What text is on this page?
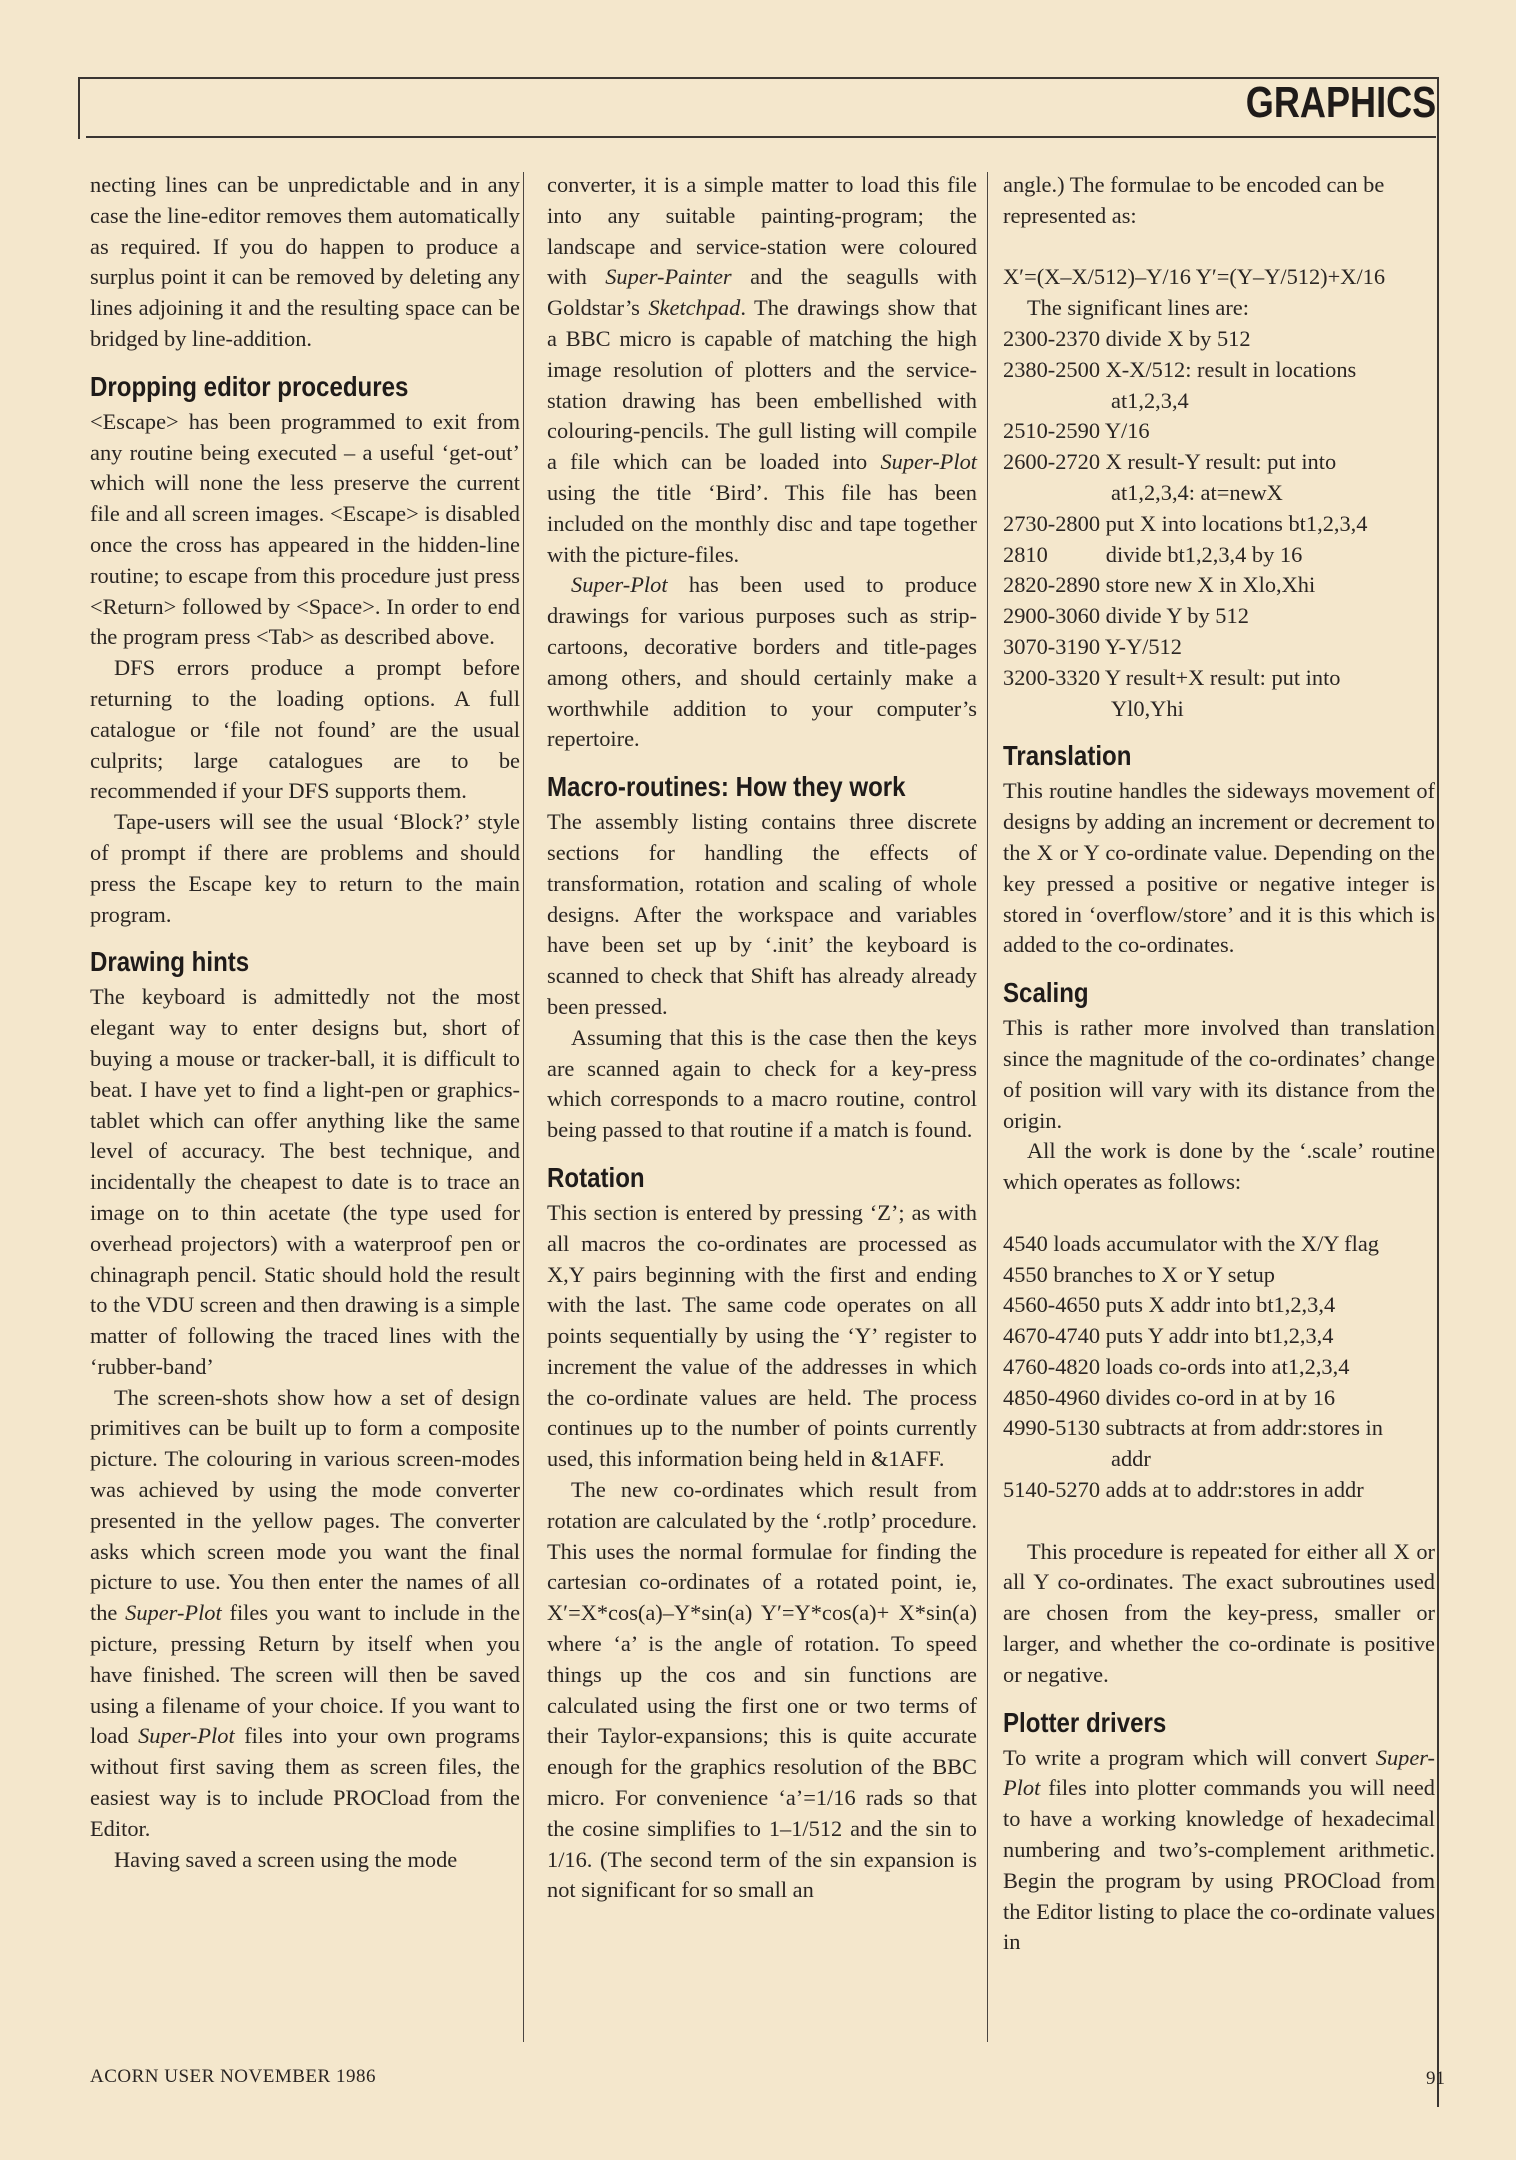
GRAPHICS

necting lines can be unpredictable and in any case the line-editor removes them automatically as required. If you do happen to produce a surplus point it can be removed by deleting any lines adjoining it and the resulting space can be bridged by line-addition.

Dropping editor procedures

<Escape> has been programmed to exit from any routine being executed – a useful ‘get-out’ which will none the less preserve the current file and all screen images. <Escape> is disabled once the cross has appeared in the hidden-line routine; to escape from this procedure just press <Return> followed by <Space>. In order to end the program press <Tab> as described above.

DFS errors produce a prompt before returning to the loading options. A full catalogue or ‘file not found’ are the usual culprits; large catalogues are to be recommended if your DFS supports them.

Tape-users will see the usual ‘Block?’ style of prompt if there are problems and should press the Escape key to return to the main program.

Drawing hints

The keyboard is admittedly not the most elegant way to enter designs but, short of buying a mouse or tracker-ball, it is difficult to beat. I have yet to find a light-pen or graphics-tablet which can offer anything like the same level of accuracy. The best technique, and incidentally the cheapest to date is to trace an image on to thin acetate (the type used for overhead projectors) with a waterproof pen or chinagraph pencil. Static should hold the result to the VDU screen and then drawing is a simple matter of following the traced lines with the ‘rubber-band’

The screen-shots show how a set of design primitives can be built up to form a composite picture. The colouring in various screen-modes was achieved by using the mode converter presented in the yellow pages. The converter asks which screen mode you want the final picture to use. You then enter the names of all the Super-Plot files you want to include in the picture, pressing Return by itself when you have finished. The screen will then be saved using a filename of your choice. If you want to load Super-Plot files into your own programs without first saving them as screen files, the easiest way is to include PROCload from the Editor.

Having saved a screen using the mode

converter, it is a simple matter to load this file into any suitable painting-program; the landscape and service-station were coloured with Super-Painter and the seagulls with Goldstar’s Sketchpad. The drawings show that a BBC micro is capable of matching the high image resolution of plotters and the service-station drawing has been embellished with colouring-pencils. The gull listing will compile a file which can be loaded into Super-Plot using the title ‘Bird’. This file has been included on the monthly disc and tape together with the picture-files.

Super-Plot has been used to produce drawings for various purposes such as strip-cartoons, decorative borders and title-pages among others, and should certainly make a worthwhile addition to your computer’s repertoire.

Macro-routines: How they work

The assembly listing contains three discrete sections for handling the effects of transformation, rotation and scaling of whole designs. After the workspace and variables have been set up by ‘.init’ the keyboard is scanned to check that Shift has already already been pressed.

Assuming that this is the case then the keys are scanned again to check for a key-press which corresponds to a macro routine, control being passed to that routine if a match is found.

Rotation

This section is entered by pressing ‘Z’; as with all macros the co-ordinates are processed as X,Y pairs beginning with the first and ending with the last. The same code operates on all points sequentially by using the ‘Y’ register to increment the value of the addresses in which the co-ordinate values are held. The process continues up to the number of points currently used, this information being held in &1AFF.

The new co-ordinates which result from rotation are calculated by the ‘.rotlp’ procedure. This uses the normal formulae for finding the cartesian co-ordinates of a rotated point, ie, X′=X*cos(a)–Y*sin(a) Y′=Y*cos(a)+ X*sin(a) where ‘a’ is the angle of rotation. To speed things up the cos and sin functions are calculated using the first one or two terms of their Taylor-expansions; this is quite accurate enough for the graphics resolution of the BBC micro. For convenience ‘a’=1/16 rads so that the cosine simplifies to 1–1/512 and the sin to 1/16. (The second term of the sin expansion is not significant for so small an

angle.) The formulae to be encoded can be represented as:

X′=(X–X/512)–Y/16 Y′=(Y–Y/512)+X/16

The significant lines are:

2300-2370 divide X by 512
2380-2500 X-X/512: result in locations
at1,2,3,4
2510-2590 Y/16
2600-2720 X result-Y result: put into
at1,2,3,4: at=newX
2730-2800 put X into locations bt1,2,3,4
2810	divide bt1,2,3,4 by 16
2820-2890 store new X in Xlo,Xhi
2900-3060 divide Y by 512
3070-3190 Y-Y/512
3200-3320 Y result+X result: put into
Yl0,Yhi
Translation

This routine handles the sideways movement of designs by adding an increment or decrement to the X or Y co-ordinate value. Depending on the key pressed a positive or negative integer is stored in ‘overflow/store’ and it is this which is added to the co-ordinates.

Scaling

This is rather more involved than translation since the magnitude of the co-ordinates’ change of position will vary with its distance from the origin.

All the work is done by the ‘.scale’ routine which operates as follows:

4540 loads accumulator with the X/Y flag
4550 branches to X or Y setup
4560-4650 puts X addr into bt1,2,3,4
4670-4740 puts Y addr into bt1,2,3,4
4760-4820 loads co-ords into at1,2,3,4
4850-4960 divides co-ord in at by 16
4990-5130 subtracts at from addr:stores in
addr
5140-5270 adds at to addr:stores in addr

This procedure is repeated for either all X or all Y co-ordinates. The exact subroutines used are chosen from the key-press, smaller or larger, and whether the co-ordinate is positive or negative.

Plotter drivers

To write a program which will convert Super-Plot files into plotter commands you will need to have a working knowledge of hexadecimal numbering and two’s-complement arithmetic. Begin the program by using PROCload from the Editor listing to place the co-ordinate values in

ACORN USER NOVEMBER 1986	91
